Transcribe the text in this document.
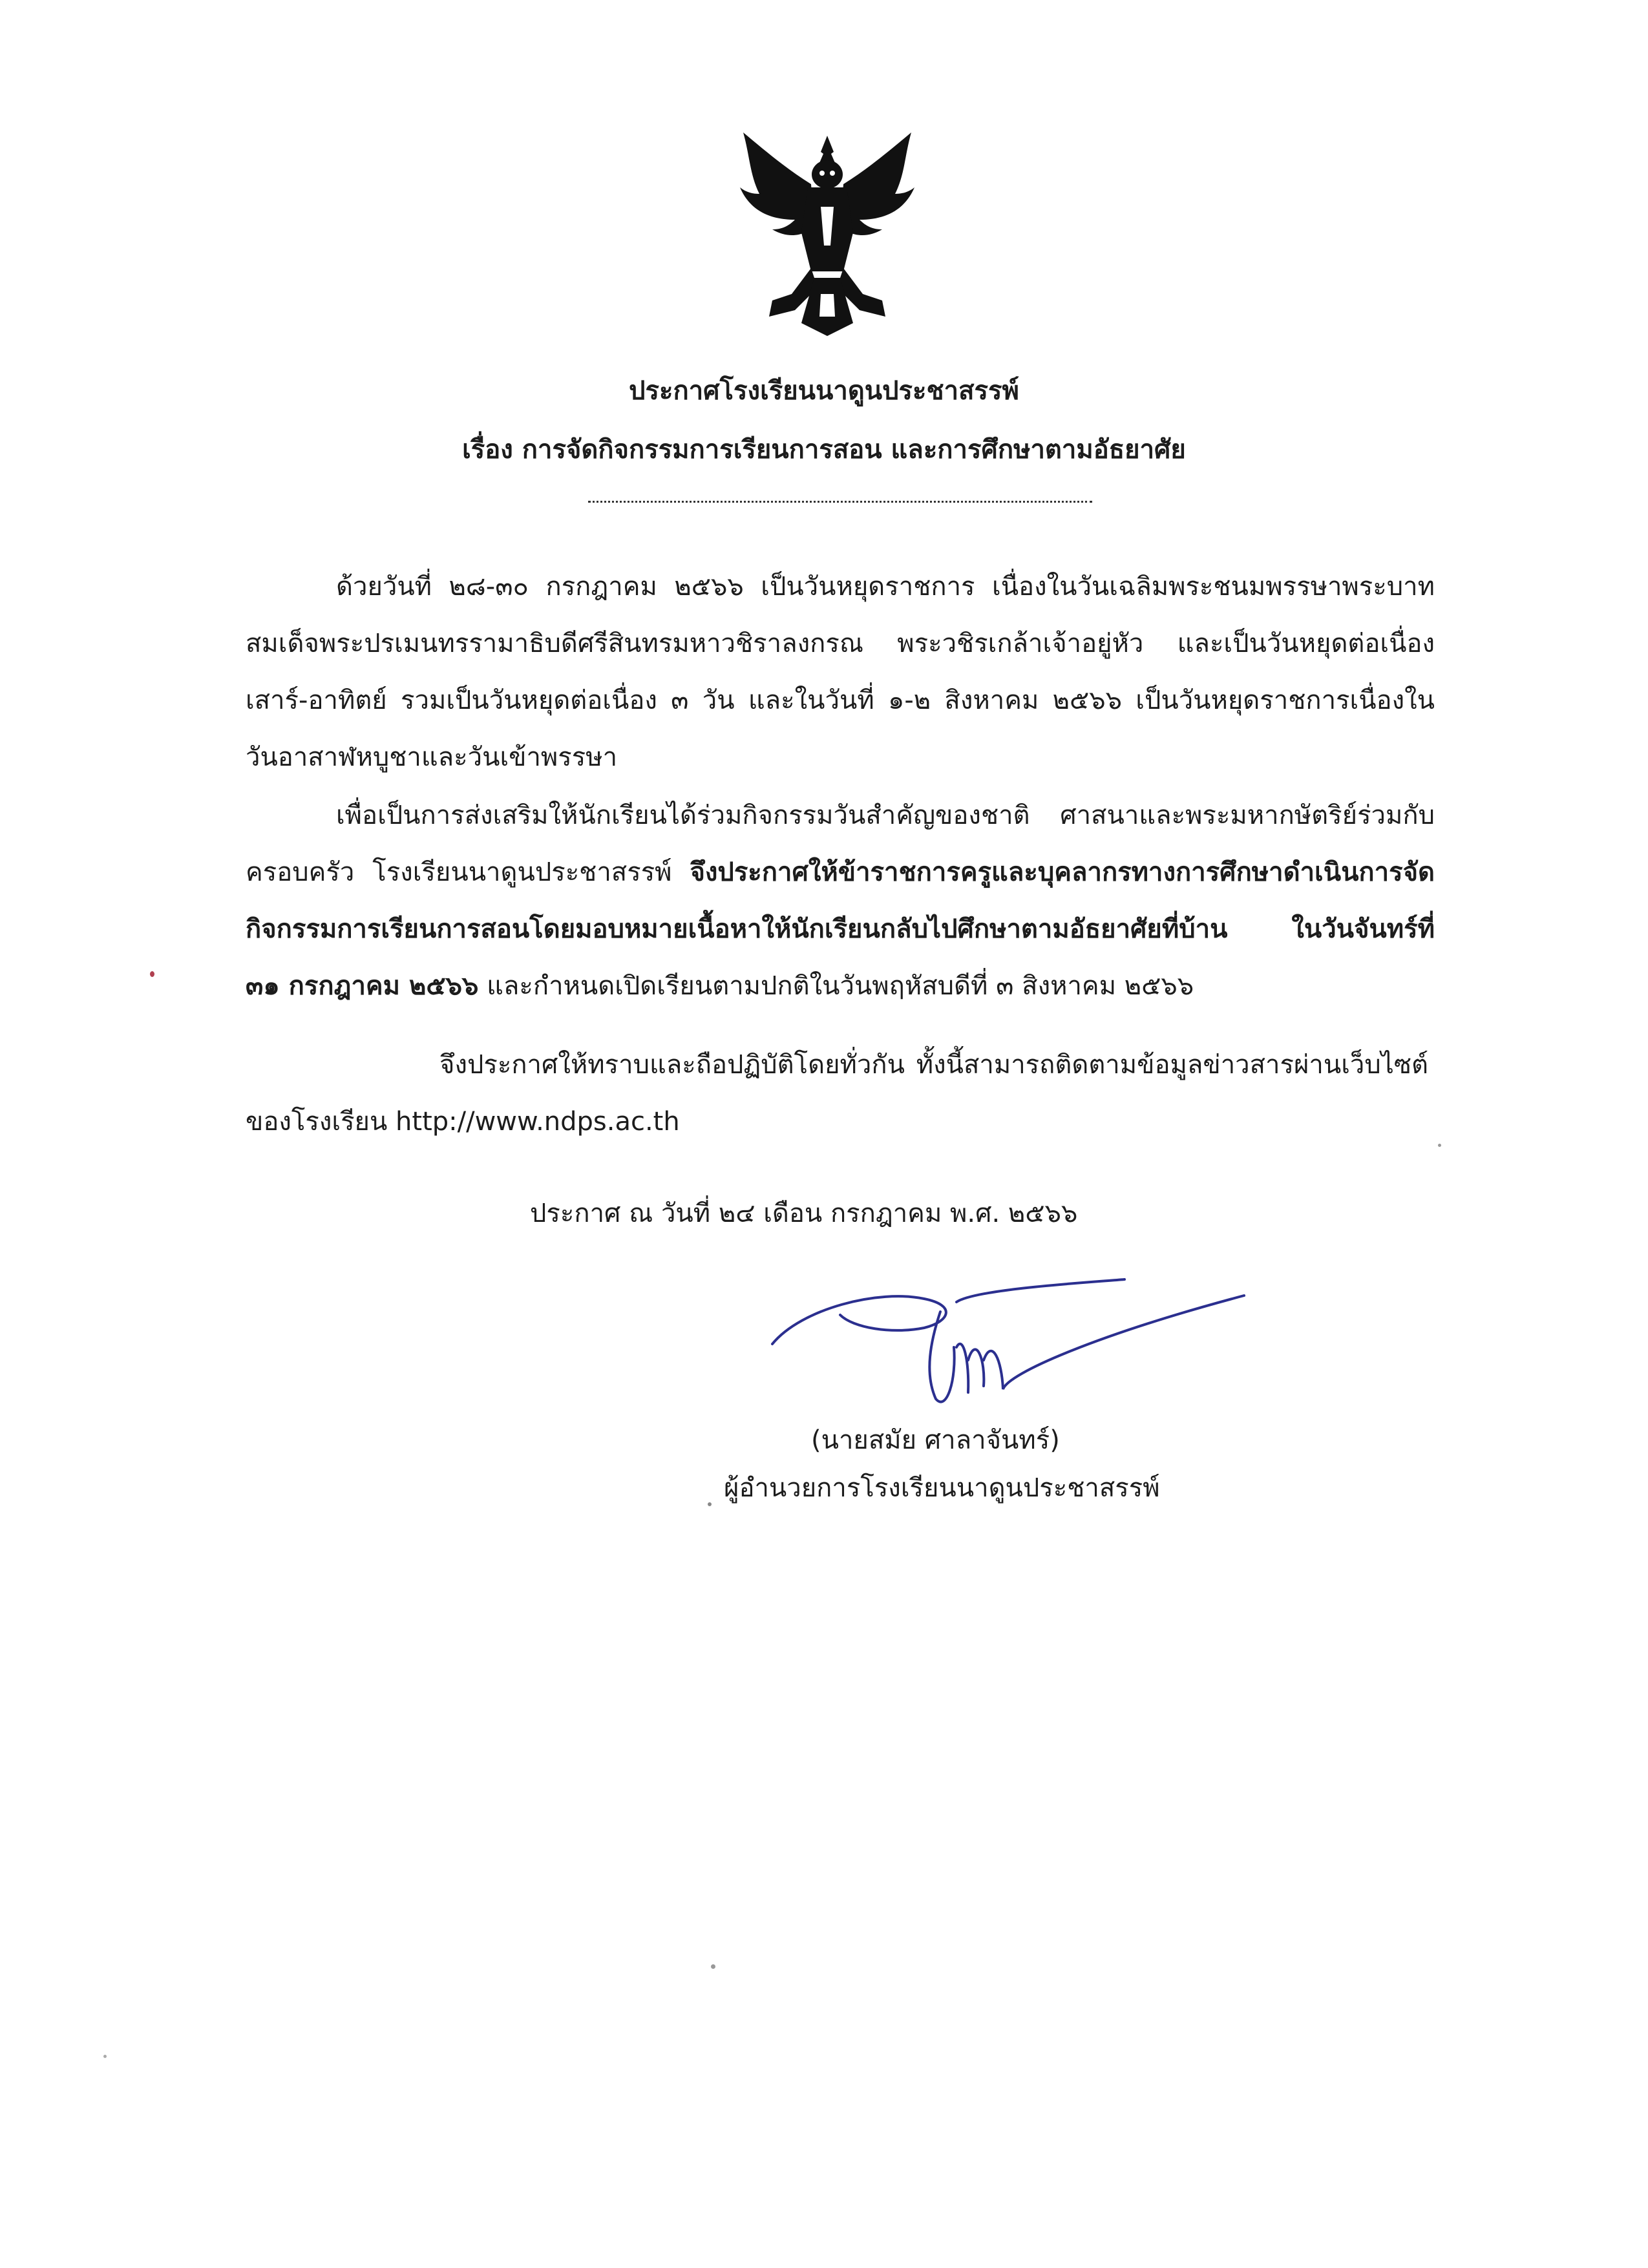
ประกาศโรงเรียนนาดูนประชาสรรพ์
เรื่อง การจัดกิจกรรมการเรียนการสอน และการศึกษาตามอัธยาศัย
ด้วยวันที่ ๒๘-๓๐ กรกฎาคม ๒๕๖๖ เป็นวันหยุดราชการ เนื่องในวันเฉลิมพระชนมพรรษาพระบาท
สมเด็จพระปรเมนทรรามาธิบดีศรีสินทรมหาวชิราลงกรณ พระวชิรเกล้าเจ้าอยู่หัว และเป็นวันหยุดต่อเนื่อง
เสาร์-อาทิตย์ รวมเป็นวันหยุดต่อเนื่อง ๓ วัน และในวันที่ ๑-๒ สิงหาคม ๒๕๖๖ เป็นวันหยุดราชการเนื่องใน
วันอาสาฬหบูชาและวันเข้าพรรษา
เพื่อเป็นการส่งเสริมให้นักเรียนได้ร่วมกิจกรรมวันสำคัญของชาติ ศาสนาและพระมหากษัตริย์ร่วมกับ
ครอบครัว โรงเรียนนาดูนประชาสรรพ์ จึงประกาศให้ข้าราชการครูและบุคลากรทางการศึกษาดำเนินการจัด
กิจกรรมการเรียนการสอนโดยมอบหมายเนื้อหาให้นักเรียนกลับไปศึกษาตามอัธยาศัยที่บ้าน ในวันจันทร์ที่
๓๑ กรกฎาคม ๒๕๖๖ และกำหนดเปิดเรียนตามปกติในวันพฤหัสบดีที่ ๓ สิงหาคม ๒๕๖๖
จึงประกาศให้ทราบและถือปฏิบัติโดยทั่วกัน ทั้งนี้สามารถติดตามข้อมูลข่าวสารผ่านเว็บไซต์
ของโรงเรียน http://www.ndps.ac.th
ประกาศ ณ วันที่ ๒๔ เดือน กรกฎาคม พ.ศ. ๒๕๖๖
(นายสมัย ศาลาจันทร์)
ผู้อำนวยการโรงเรียนนาดูนประชาสรรพ์
